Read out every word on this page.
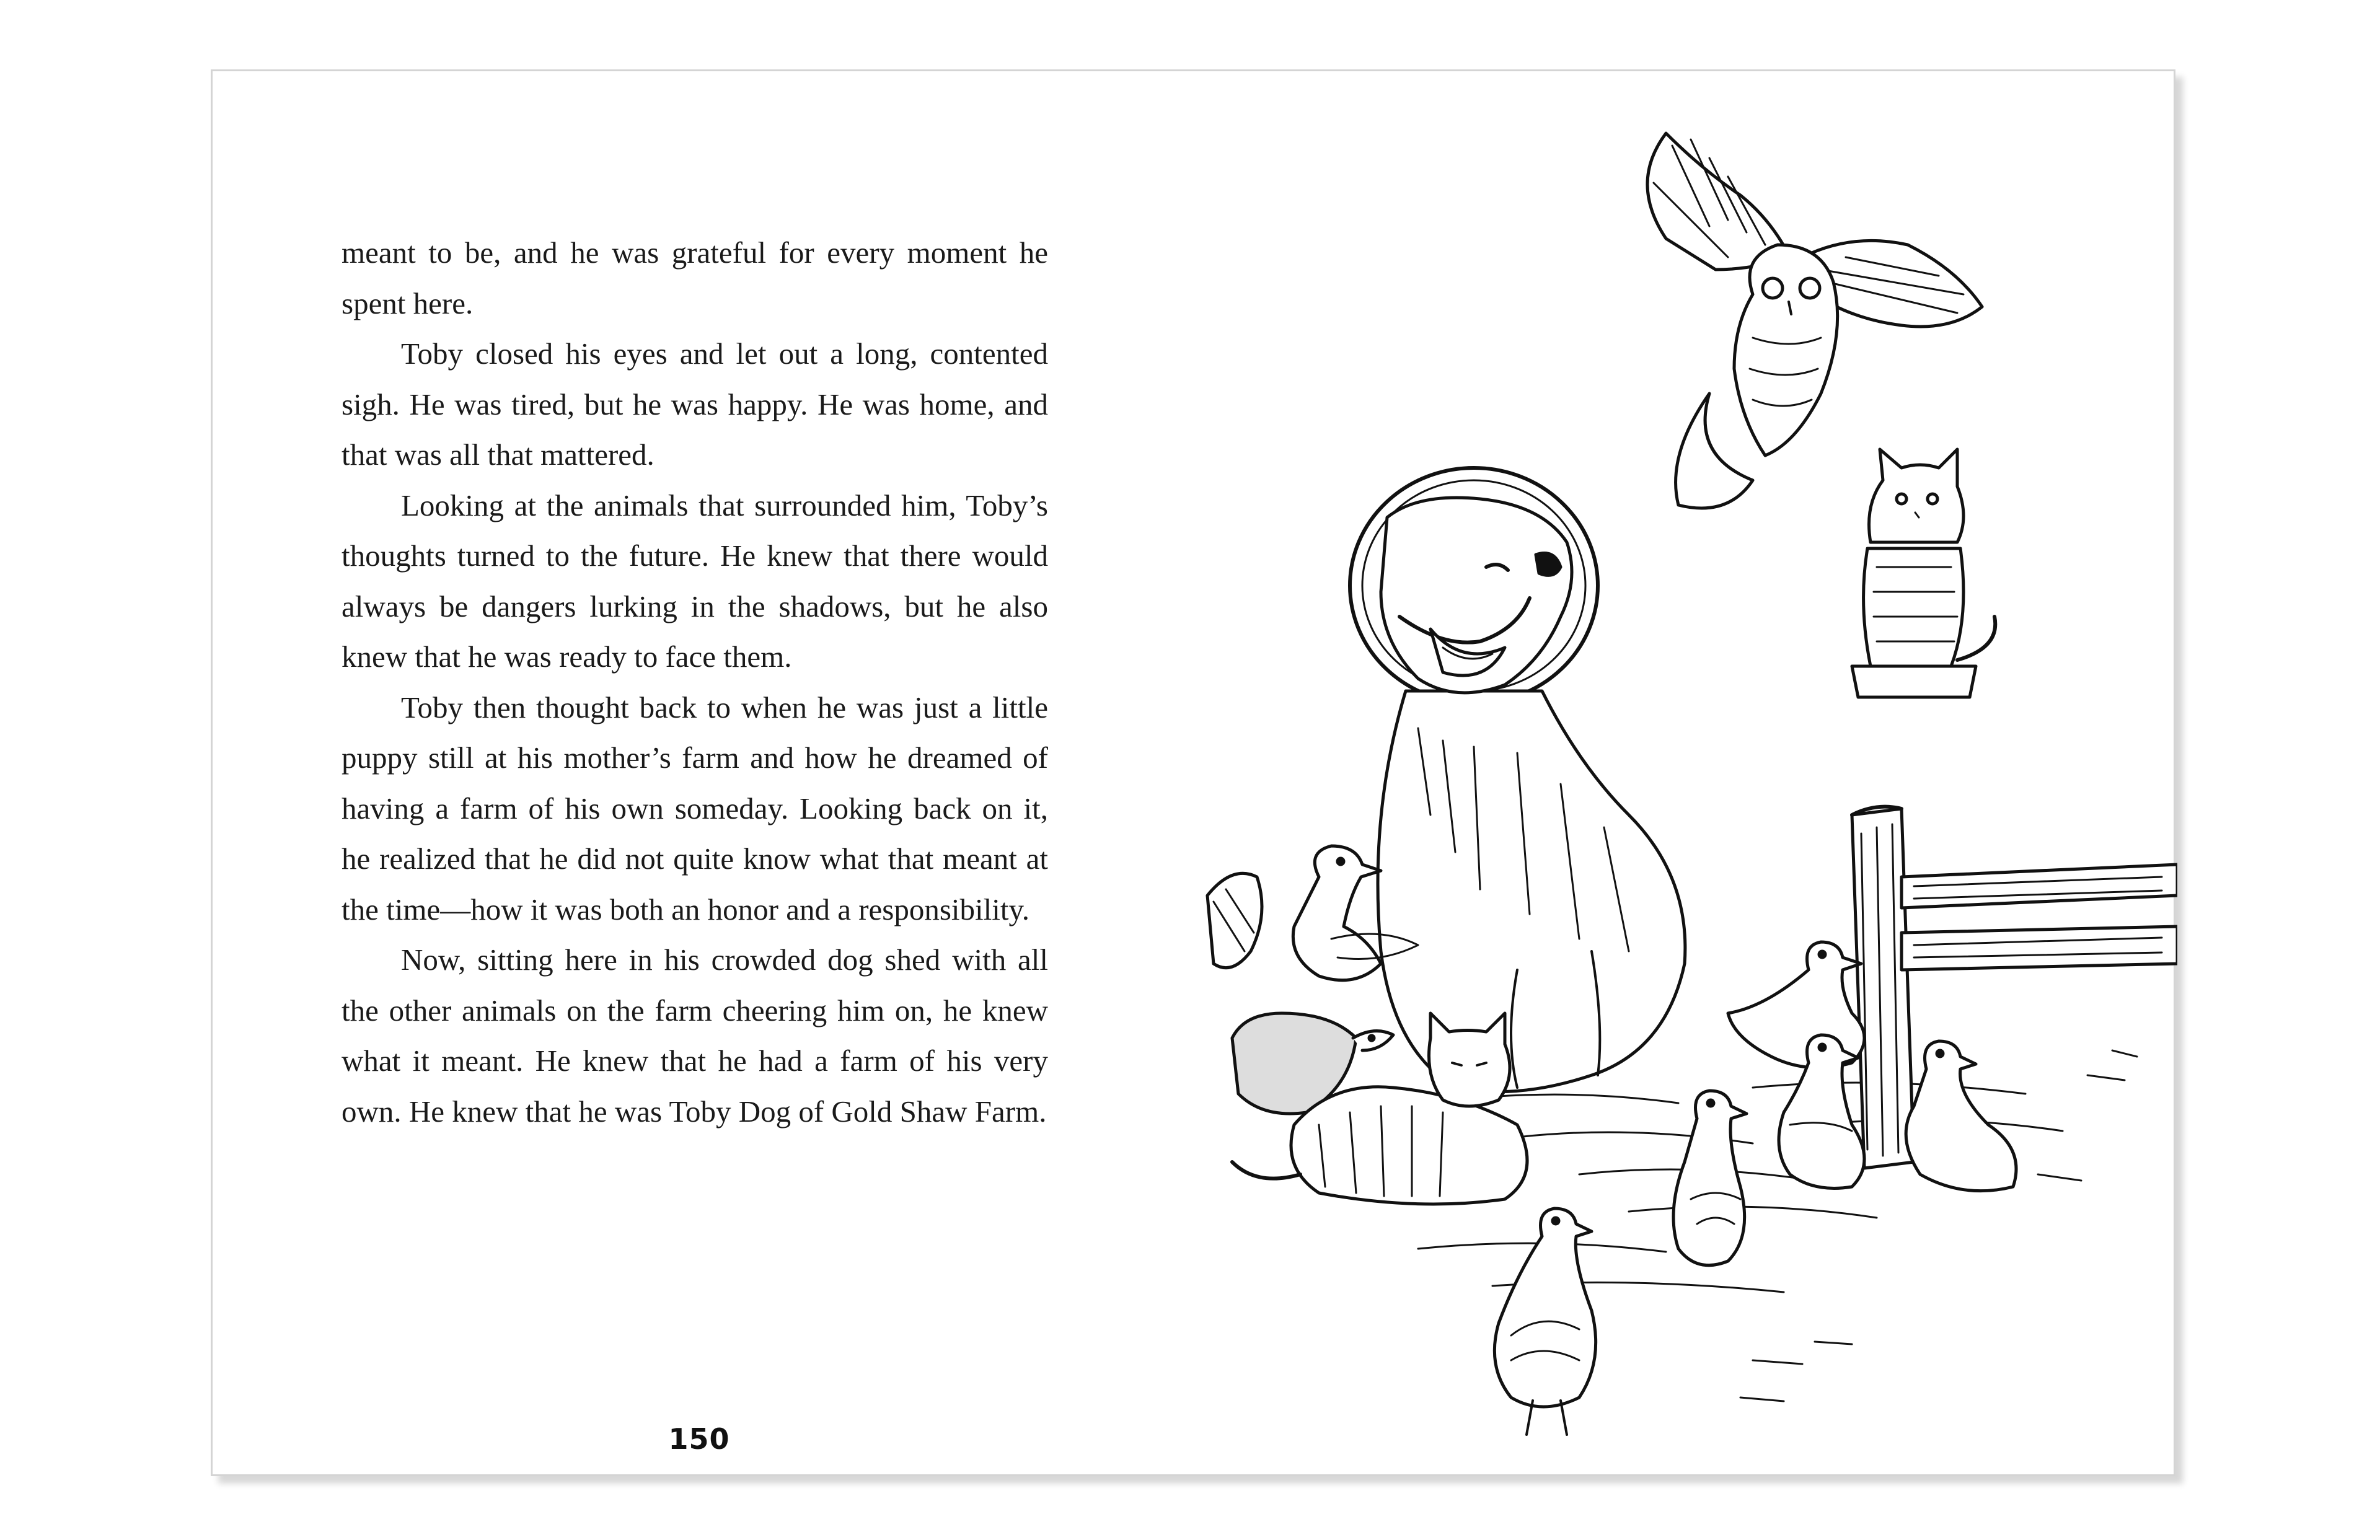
meant to be, and he was grateful for every moment he spent here.

Toby closed his eyes and let out a long, contented sigh. He was tired, but he was happy. He was home, and that was all that mattered.

Looking at the animals that surrounded him, Toby’s thoughts turned to the future. He knew that there would always be dangers lurking in the shadows, but he also knew that he was ready to face them.

Toby then thought back to when he was just a little puppy still at his mother’s farm and how he dreamed of having a farm of his own someday. Looking back on it, he realized that he did not quite know what that meant at the time—how it was both an honor and a responsibility.

Now, sitting here in his crowded dog shed with all the other animals on the farm cheering him on, he knew what it meant. He knew that he had a farm of his very own. He knew that he was Toby Dog of Gold Shaw Farm.

150
